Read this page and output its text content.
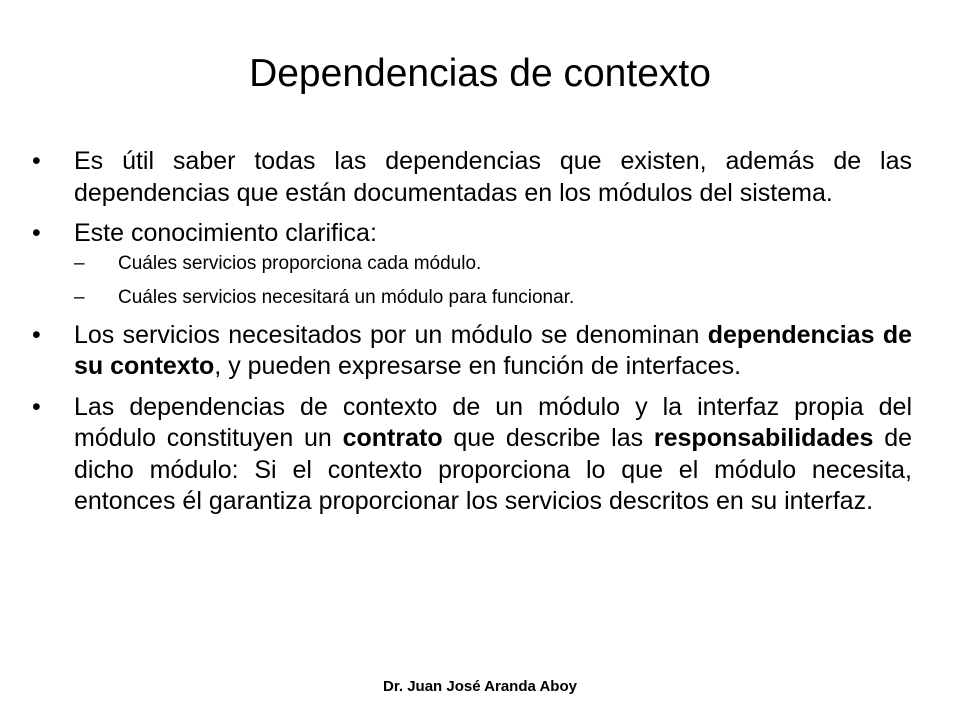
Dependencias de contexto
• Es útil saber todas las dependencias que existen, además de las dependencias que están documentadas en los módulos del sistema.
• Este conocimiento clarifica:
– Cuáles servicios proporciona cada módulo.
– Cuáles servicios necesitará un módulo para funcionar.
• Los servicios necesitados por un módulo se denominan dependencias de su contexto, y pueden expresarse en función de interfaces.
• Las dependencias de contexto de un módulo y la interfaz propia del módulo constituyen un contrato que describe las responsabilidades de dicho módulo: Si el contexto proporciona lo que el módulo necesita, entonces él garantiza proporcionar los servicios descritos en su interfaz.
Dr. Juan José Aranda Aboy
